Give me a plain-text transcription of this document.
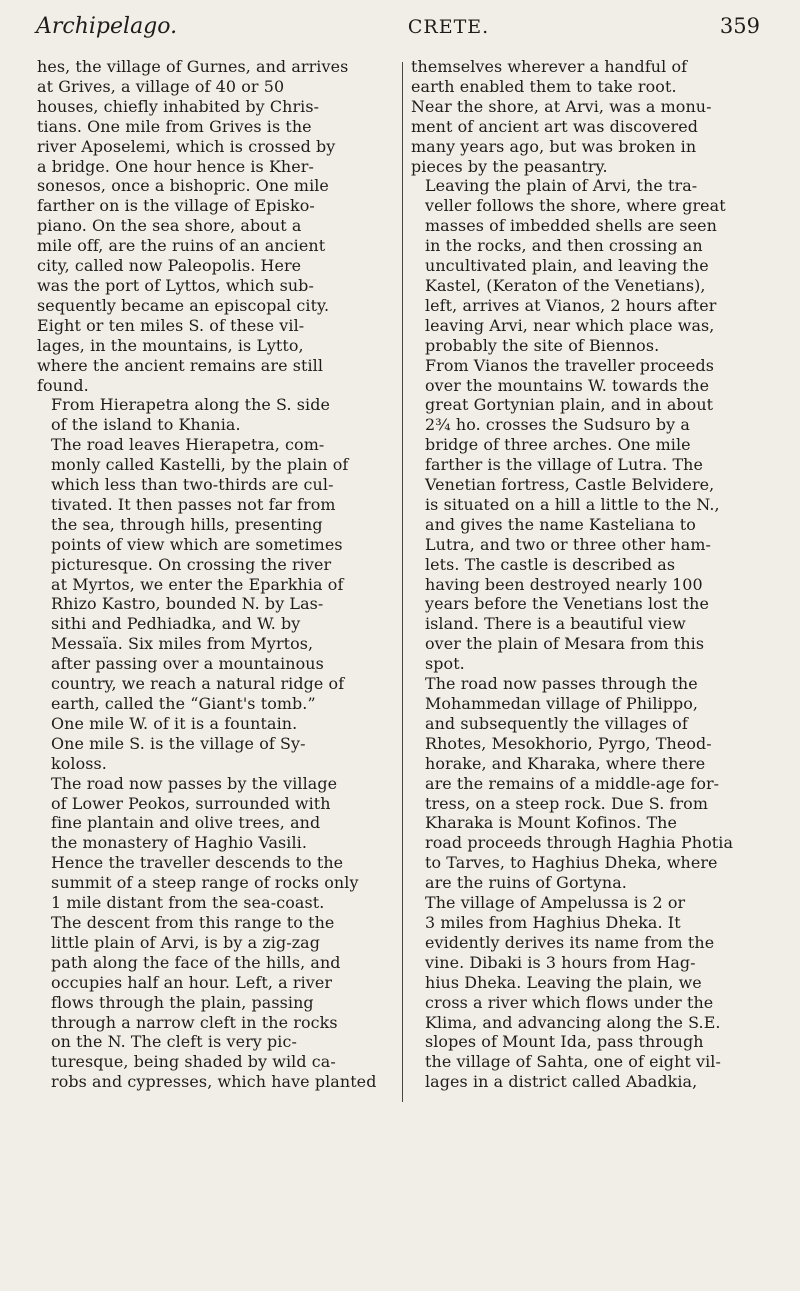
Archipelago.	CRETE.	359

hes, the village of Gurnes, and arrives
at Grives, a village of 40 or 50
houses, chiefly inhabited by Chris-
tians. One mile from Grives is the
river Aposelemi, which is crossed by
a bridge. One hour hence is Kher-
sonesos, once a bishopric. One mile
farther on is the village of Episko-
piano. On the sea shore, about a
mile off, are the ruins of an ancient
city, called now Paleopolis. Here
was the port of Lyttos, which sub-
sequently became an episcopal city.
Eight or ten miles S. of these vil-
lages, in the mountains, is Lytto,
where the ancient remains are still
found.

From Hierapetra along the S. side
of the island to Khania.

The road leaves Hierapetra, com-
monly called Kastelli, by the plain of
which less than two-thirds are cul-
tivated. It then passes not far from
the sea, through hills, presenting
points of view which are sometimes
picturesque. On crossing the river
at Myrtos, we enter the Eparkhia of
Rhizo Kastro, bounded N. by Las-
sithi and Pedhiadka, and W. by
Messaïa. Six miles from Myrtos,
after passing over a mountainous
country, we reach a natural ridge of
earth, called the “Giant's tomb.”
One mile W. of it is a fountain.
One mile S. is the village of Sy-
koloss.

The road now passes by the village
of Lower Peokos, surrounded with
fine plantain and olive trees, and
the monastery of Haghio Vasili.
Hence the traveller descends to the
summit of a steep range of rocks only
1 mile distant from the sea-coast.
The descent from this range to the
little plain of Arvi, is by a zig-zag
path along the face of the hills, and
occupies half an hour. Left, a river
flows through the plain, passing
through a narrow cleft in the rocks
on the N. The cleft is very pic-
turesque, being shaded by wild ca-
robs and cypresses, which have planted

themselves wherever a handful of
earth enabled them to take root.
Near the shore, at Arvi, was a monu-
ment of ancient art was discovered
many years ago, but was broken in
pieces by the peasantry.

Leaving the plain of Arvi, the tra-
veller follows the shore, where great
masses of imbedded shells are seen
in the rocks, and then crossing an
uncultivated plain, and leaving the
Kastel, (Keraton of the Venetians),
left, arrives at Vianos, 2 hours after
leaving Arvi, near which place was,
probably the site of Biennos.

From Vianos the traveller proceeds
over the mountains W. towards the
great Gortynian plain, and in about
2¾ ho. crosses the Sudsuro by a
bridge of three arches. One mile
farther is the village of Lutra. The
Venetian fortress, Castle Belvidere,
is situated on a hill a little to the N.,
and gives the name Kasteliana to
Lutra, and two or three other ham-
lets. The castle is described as
having been destroyed nearly 100
years before the Venetians lost the
island. There is a beautiful view
over the plain of Mesara from this
spot.

The road now passes through the
Mohammedan village of Philippo,
and subsequently the villages of
Rhotes, Mesokhorio, Pyrgo, Theod-
horake, and Kharaka, where there
are the remains of a middle-age for-
tress, on a steep rock. Due S. from
Kharaka is Mount Kofinos. The
road proceeds through Haghia Photia
to Tarves, to Haghius Dheka, where
are the ruins of Gortyna.

The village of Ampelussa is 2 or
3 miles from Haghius Dheka. It
evidently derives its name from the
vine. Dibaki is 3 hours from Hag-
hius Dheka. Leaving the plain, we
cross a river which flows under the
Klima, and advancing along the S.E.
slopes of Mount Ida, pass through
the village of Sahta, one of eight vil-
lages in a district called Abadkia,
